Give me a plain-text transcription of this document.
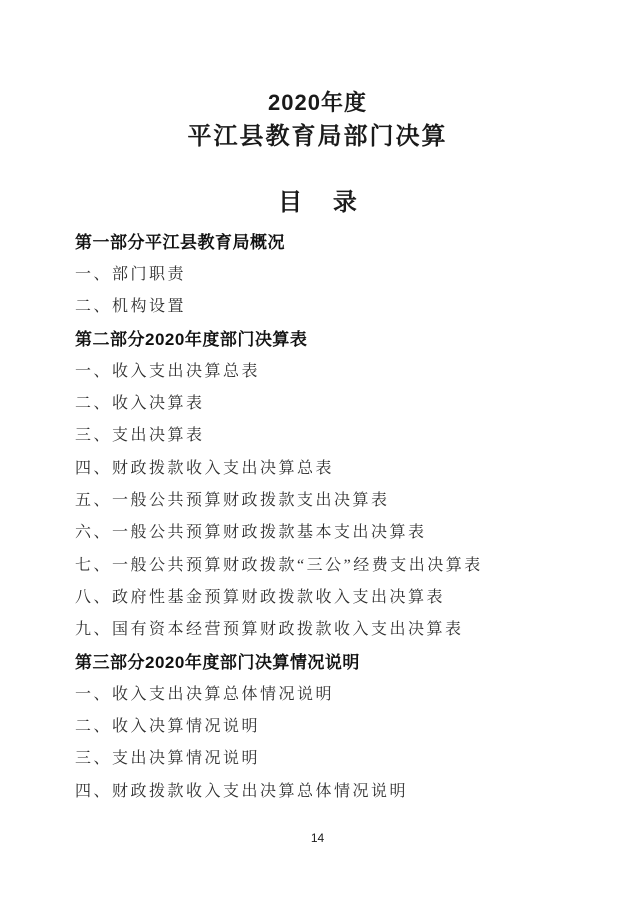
2020年度
平江县教育局部门决算
目 录
第一部分平江县教育局概况
一、部门职责
二、机构设置
第二部分2020年度部门决算表
一、收入支出决算总表
二、收入决算表
三、支出决算表
四、财政拨款收入支出决算总表
五、一般公共预算财政拨款支出决算表
六、一般公共预算财政拨款基本支出决算表
七、一般公共预算财政拨款“三公”经费支出决算表
八、政府性基金预算财政拨款收入支出决算表
九、国有资本经营预算财政拨款收入支出决算表
第三部分2020年度部门决算情况说明
一、收入支出决算总体情况说明
二、收入决算情况说明
三、支出决算情况说明
四、财政拨款收入支出决算总体情况说明
14
